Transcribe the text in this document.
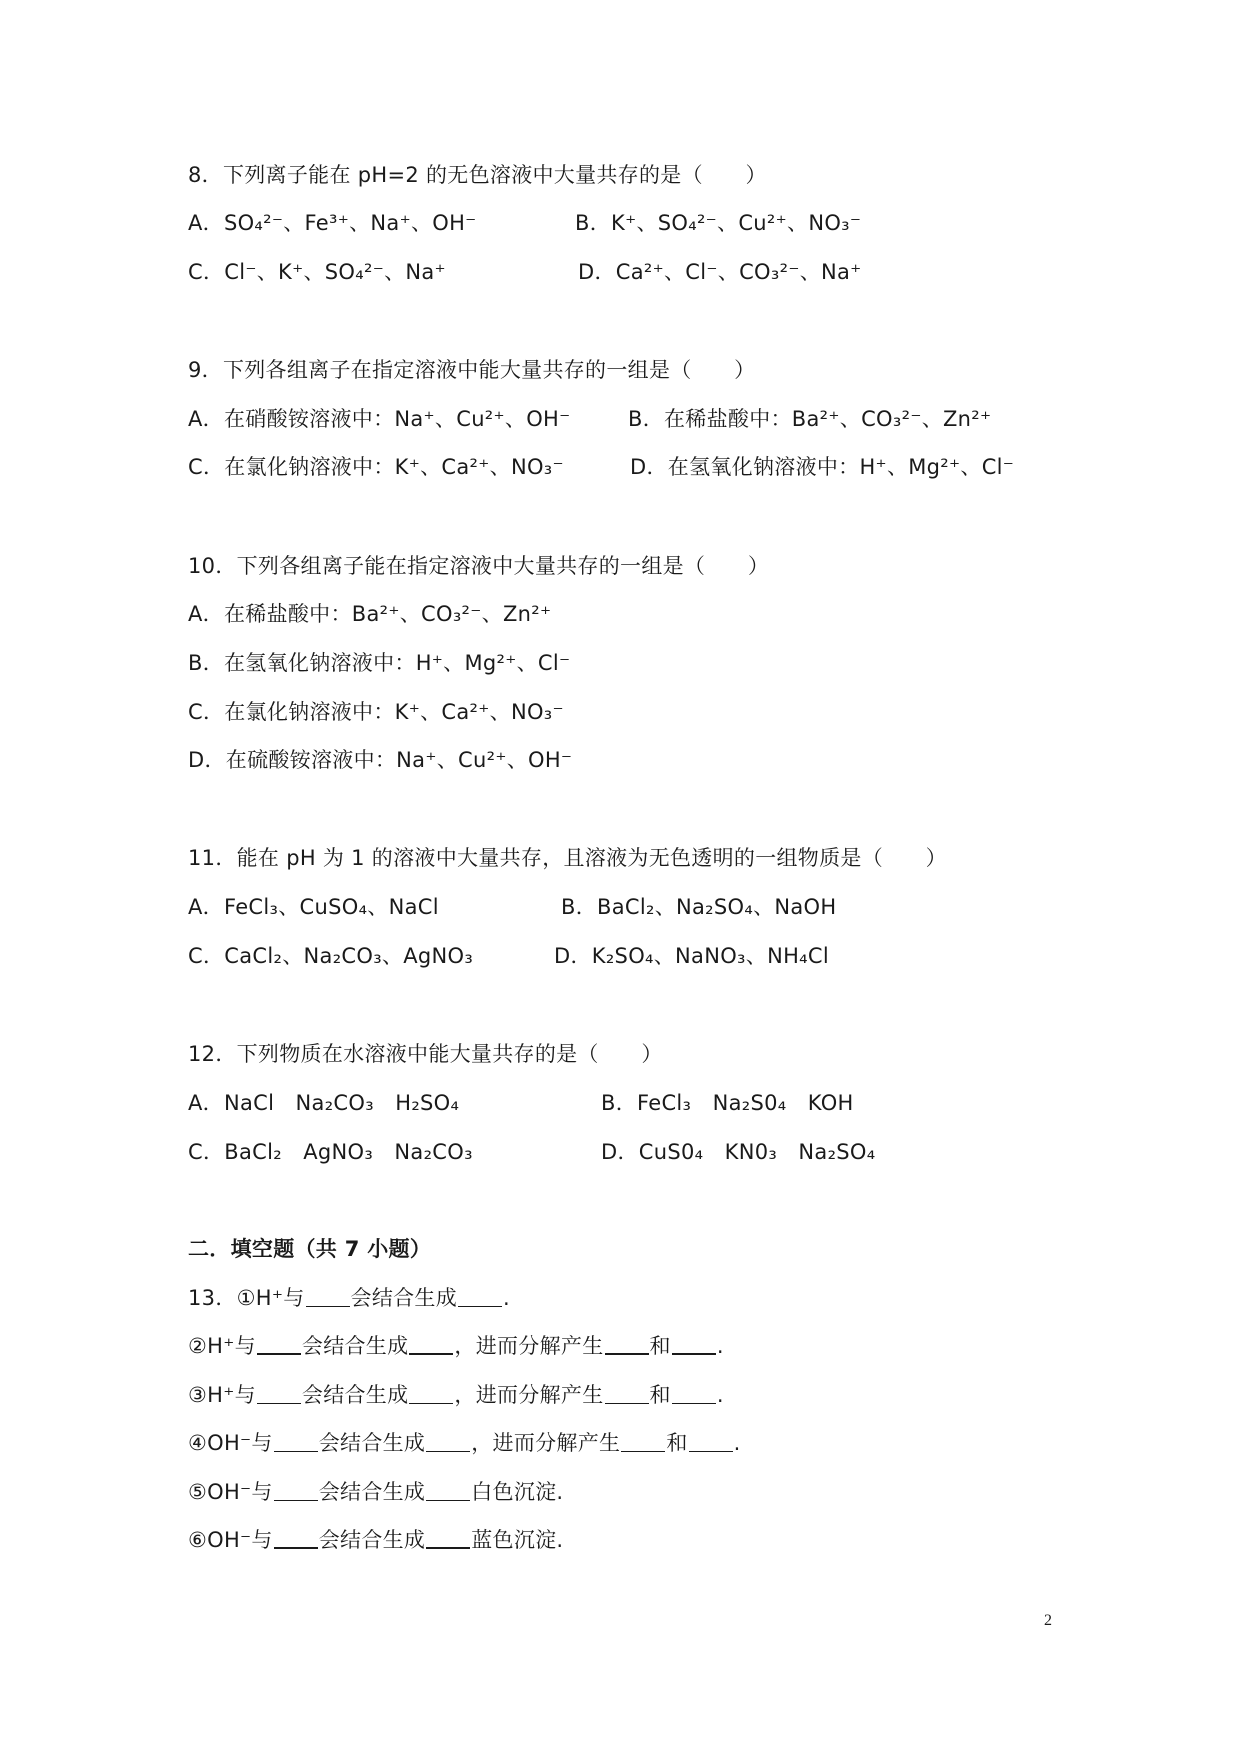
8．下列离子能在 pH=2 的无色溶液中大量共存的是（　　）
A．SO₄²⁻、Fe³⁺、Na⁺、OH⁻	B．K⁺、SO₄²⁻、Cu²⁺、NO₃⁻
C．Cl⁻、K⁺、SO₄²⁻、Na⁺	D．Ca²⁺、Cl⁻、CO₃²⁻、Na⁺
9．下列各组离子在指定溶液中能大量共存的一组是（　　）
A．在硝酸铵溶液中：Na⁺、Cu²⁺、OH⁻	B．在稀盐酸中：Ba²⁺、CO₃²⁻、Zn²⁺
C．在氯化钠溶液中：K⁺、Ca²⁺、NO₃⁻	D．在氢氧化钠溶液中：H⁺、Mg²⁺、Cl⁻
10．下列各组离子能在指定溶液中大量共存的一组是（　　）
A．在稀盐酸中：Ba²⁺、CO₃²⁻、Zn²⁺
B．在氢氧化钠溶液中：H⁺、Mg²⁺、Cl⁻
C．在氯化钠溶液中：K⁺、Ca²⁺、NO₃⁻
D．在硫酸铵溶液中：Na⁺、Cu²⁺、OH⁻
11．能在 pH 为 1 的溶液中大量共存，且溶液为无色透明的一组物质是（　　）
A．FeCl₃、CuSO₄、NaCl	B．BaCl₂、Na₂SO₄、NaOH
C．CaCl₂、Na₂CO₃、AgNO₃	D．K₂SO₄、NaNO₃、NH₄Cl
12．下列物质在水溶液中能大量共存的是（　　）
A．NaCl　Na₂CO₃　H₂SO₄	B．FeCl₃　Na₂S0₄　KOH
C．BaCl₂　AgNO₃　Na₂CO₃	D．CuS0₄　KN0₃　Na₂SO₄
二．填空题（共 7 小题）
13．①H⁺与 会结合生成 .
②H⁺与 会结合生成 ，进而分解产生 和 .
③H⁺与 会结合生成 ，进而分解产生 和 .
④OH⁻与 会结合生成 ，进而分解产生 和 .
⑤OH⁻与 会结合生成 白色沉淀.
⑥OH⁻与 会结合生成 蓝色沉淀.
2
